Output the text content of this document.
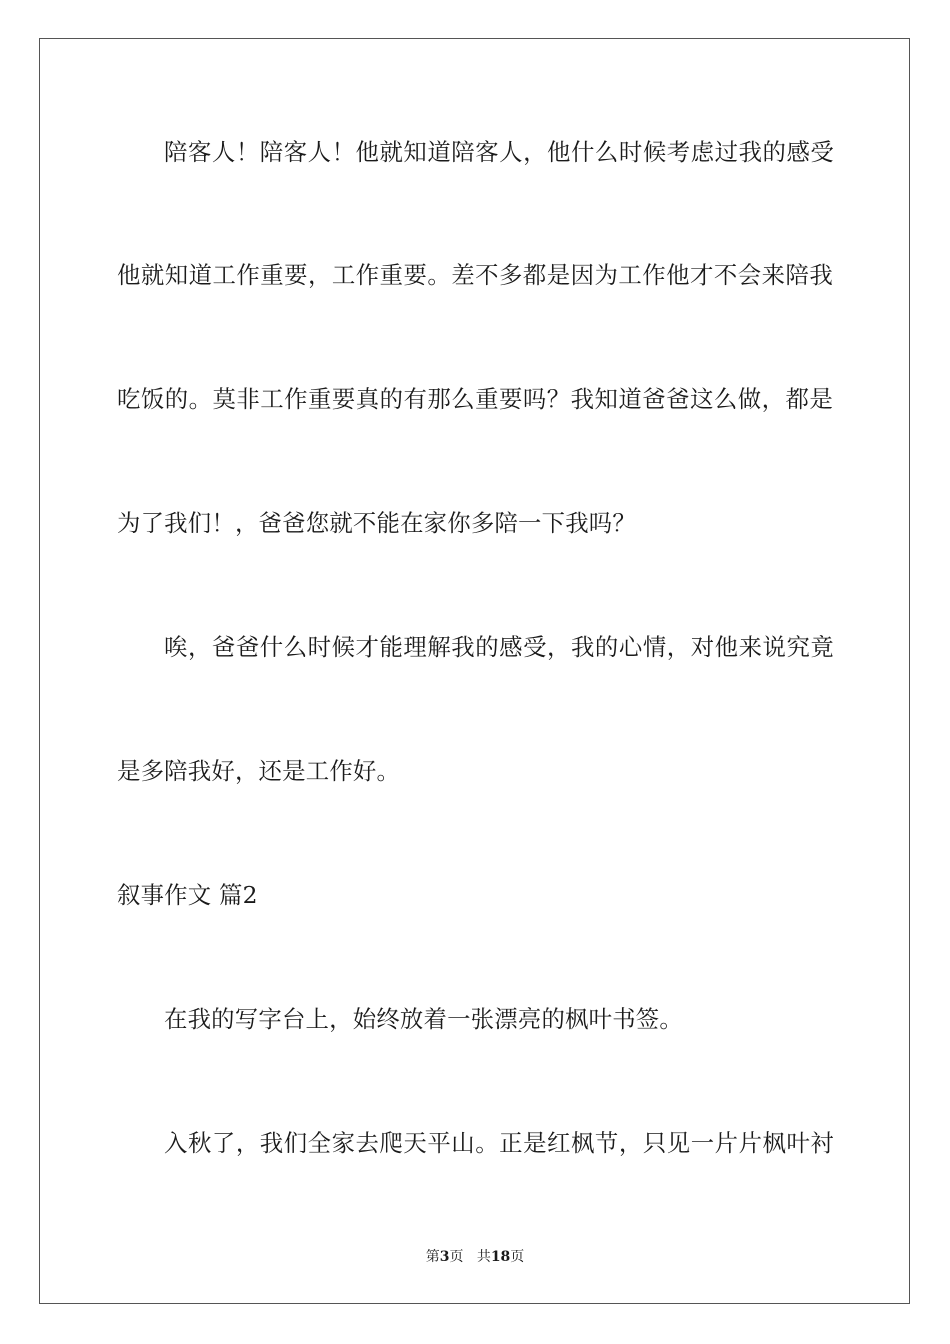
陪客人！陪客人！他就知道陪客人，他什么时候考虑过我的感受
他就知道工作重要，工作重要。差不多都是因为工作他才不会来陪我
吃饭的。莫非工作重要真的有那么重要吗？我知道爸爸这么做，都是
为了我们！，爸爸您就不能在家你多陪一下我吗？
唉，爸爸什么时候才能理解我的感受，我的心情，对他来说究竟
是多陪我好，还是工作好。
叙事作文 篇2
在我的写字台上，始终放着一张漂亮的枫叶书签。
入秋了，我们全家去爬天平山。正是红枫节，只见一片片枫叶衬
第3页 共18页
